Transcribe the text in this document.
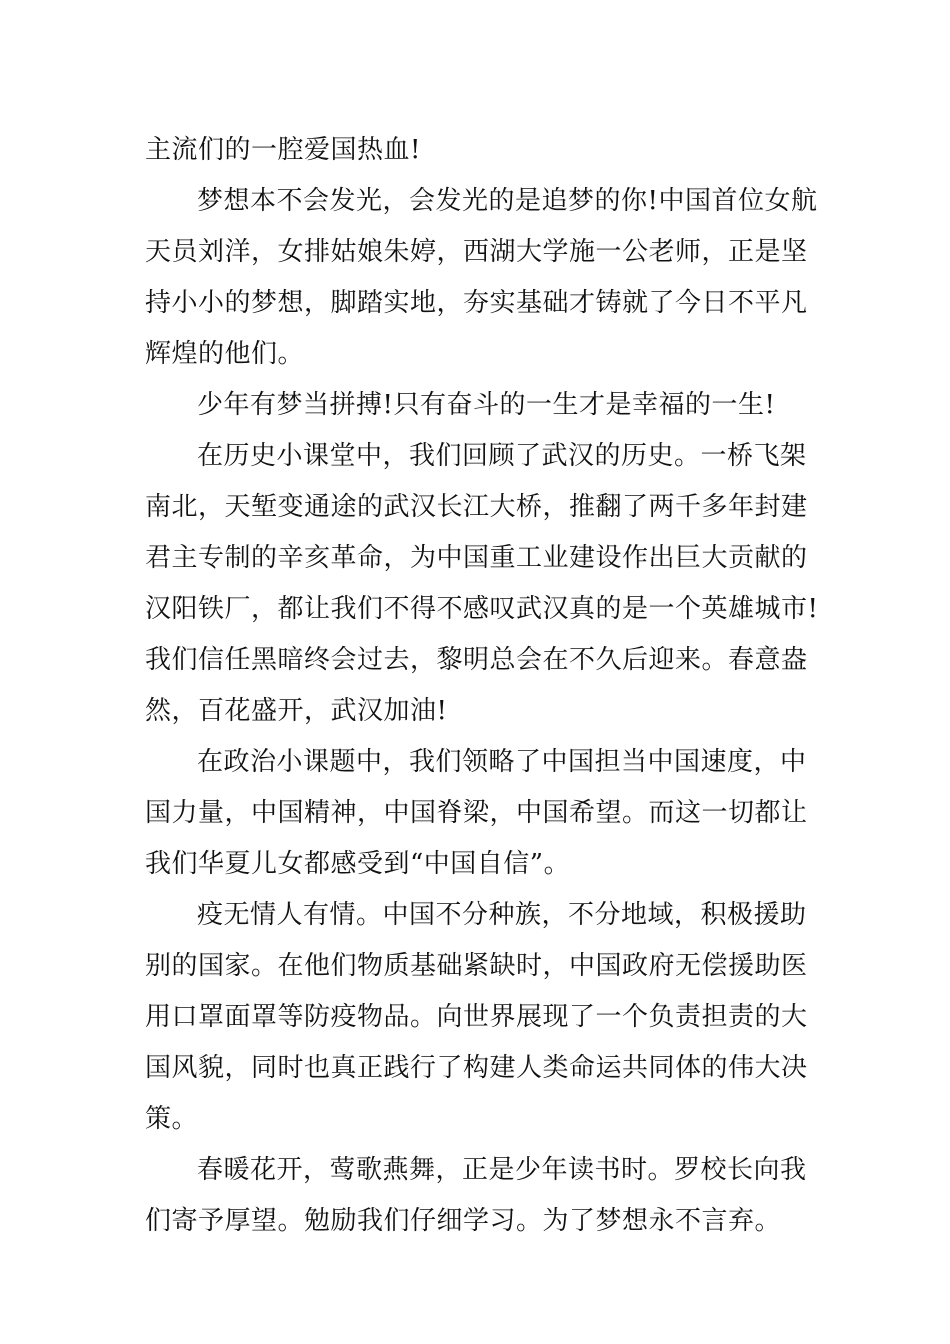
主流们的一腔爱国热血!

梦想本不会发光，会发光的是追梦的你!中国首位女航
天员刘洋，女排姑娘朱婷，西湖大学施一公老师，正是坚
持小小的梦想，脚踏实地，夯实基础才铸就了今日不平凡
辉煌的他们。

少年有梦当拼搏!只有奋斗的一生才是幸福的一生!

在历史小课堂中，我们回顾了武汉的历史。一桥飞架
南北，天堑变通途的武汉长江大桥，推翻了两千多年封建
君主专制的辛亥革命，为中国重工业建设作出巨大贡献的
汉阳铁厂，都让我们不得不感叹武汉真的是一个英雄城市!
我们信任黑暗终会过去，黎明总会在不久后迎来。春意盎
然，百花盛开，武汉加油!

在政治小课题中，我们领略了中国担当中国速度，中
国力量，中国精神，中国脊梁，中国希望。而这一切都让
我们华夏儿女都感受到“中国自信”。

疫无情人有情。中国不分种族，不分地域，积极援助
别的国家。在他们物质基础紧缺时，中国政府无偿援助医
用口罩面罩等防疫物品。向世界展现了一个负责担责的大
国风貌，同时也真正践行了构建人类命运共同体的伟大决
策。

春暖花开，莺歌燕舞，正是少年读书时。罗校长向我
们寄予厚望。勉励我们仔细学习。为了梦想永不言弃。
